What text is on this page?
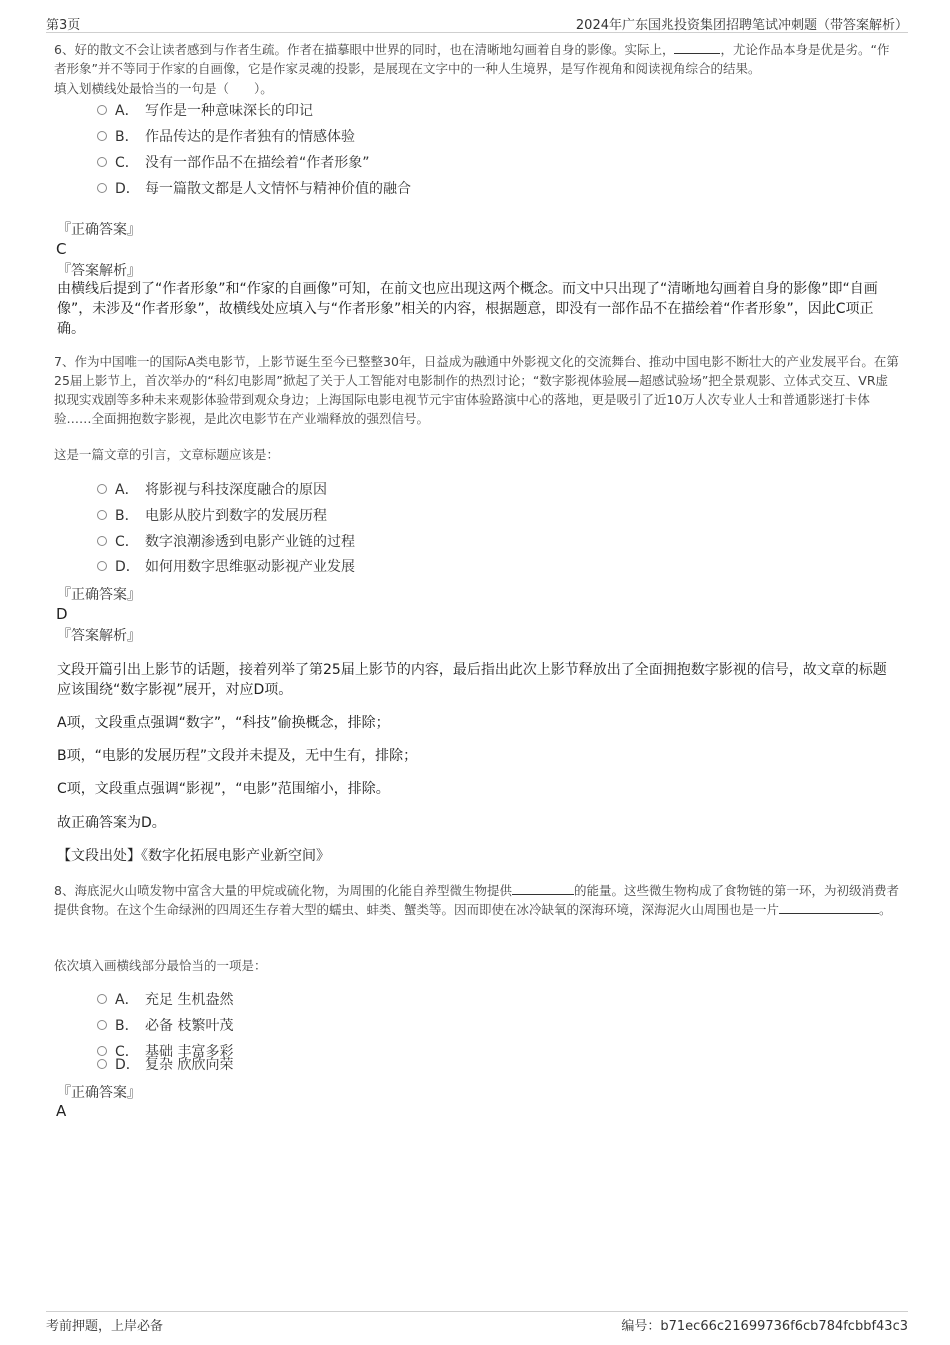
第3页	2024年广东国兆投资集团招聘笔试冲刺题（带答案解析）
6、好的散文不会让读者感到与作者生疏。作者在描摹眼中世界的同时，也在清晰地勾画着自身的影像。实际上，	，尤论作品本身是优是劣。“作者形象”并不等同于作家的自画像，它是作家灵魂的投影，是展现在文字中的一种人生境界，是写作视角和阅读视角综合的结果。
填入划横线处最恰当的一句是（　　）。
A． 写作是一种意味深长的印记
B． 作品传达的是作者独有的情感体验
C． 没有一部作品不在描绘着“作者形象”
D． 每一篇散文都是人文情怀与精神价值的融合
『正确答案』
C
『答案解析』
由横线后提到了“作者形象”和“作家的自画像”可知，在前文也应出现这两个概念。而文中只出现了“清晰地勾画着自身的影像”即“自画像”，未涉及“作者形象”，故横线处应填入与“作者形象”相关的内容，根据题意，即没有一部作品不在描绘着“作者形象”，因此C项正确。
7、作为中国唯一的国际A类电影节，上影节诞生至今已整整30年，日益成为融通中外影视文化的交流舞台、推动中国电影不断壮大的产业发展平台。在第25届上影节上，首次举办的“科幻电影周”掀起了关于人工智能对电影制作的热烈讨论；“数字影视体验展—超感试验场”把全景观影、立体式交互、VR虚拟现实戏剧等多种未来观影体验带到观众身边；上海国际电影电视节元宇宙体验路演中心的落地，更是吸引了近10万人次专业人士和普通影迷打卡体验……全面拥抱数字影视，是此次电影节在产业端释放的强烈信号。
这是一篇文章的引言，文章标题应该是：
A． 将影视与科技深度融合的原因
B． 电影从胶片到数字的发展历程
C． 数字浪潮渗透到电影产业链的过程
D． 如何用数字思维驱动影视产业发展
『正确答案』
D
『答案解析』
文段开篇引出上影节的话题，接着列举了第25届上影节的内容，最后指出此次上影节释放出了全面拥抱数字影视的信号，故文章的标题应该围绕“数字影视”展开，对应D项。
A项，文段重点强调“数字”，“科技”偷换概念，排除；
B项，“电影的发展历程”文段并未提及，无中生有，排除；
C项，文段重点强调“影视”，“电影”范围缩小，排除。
故正确答案为D。
【文段出处】《数字化拓展电影产业新空间》
8、海底泥火山喷发物中富含大量的甲烷或硫化物，为周围的化能自养型微生物提供	的能量。这些微生物构成了食物链的第一环，为初级消费者提供食物。在这个生命绿洲的四周还生存着大型的蠕虫、蚌类、蟹类等。因而即使在冰冷缺氧的深海环境，深海泥火山周围也是一片	。
依次填入画横线部分最恰当的一项是：
A． 充足 生机盎然
B． 必备 枝繁叶茂
C． 基础 丰富多彩
D． 复杂 欣欣向荣
『正确答案』
A
考前押题，上岸必备	编号：b71ec66c21699736f6cb784fcbbf43c3
